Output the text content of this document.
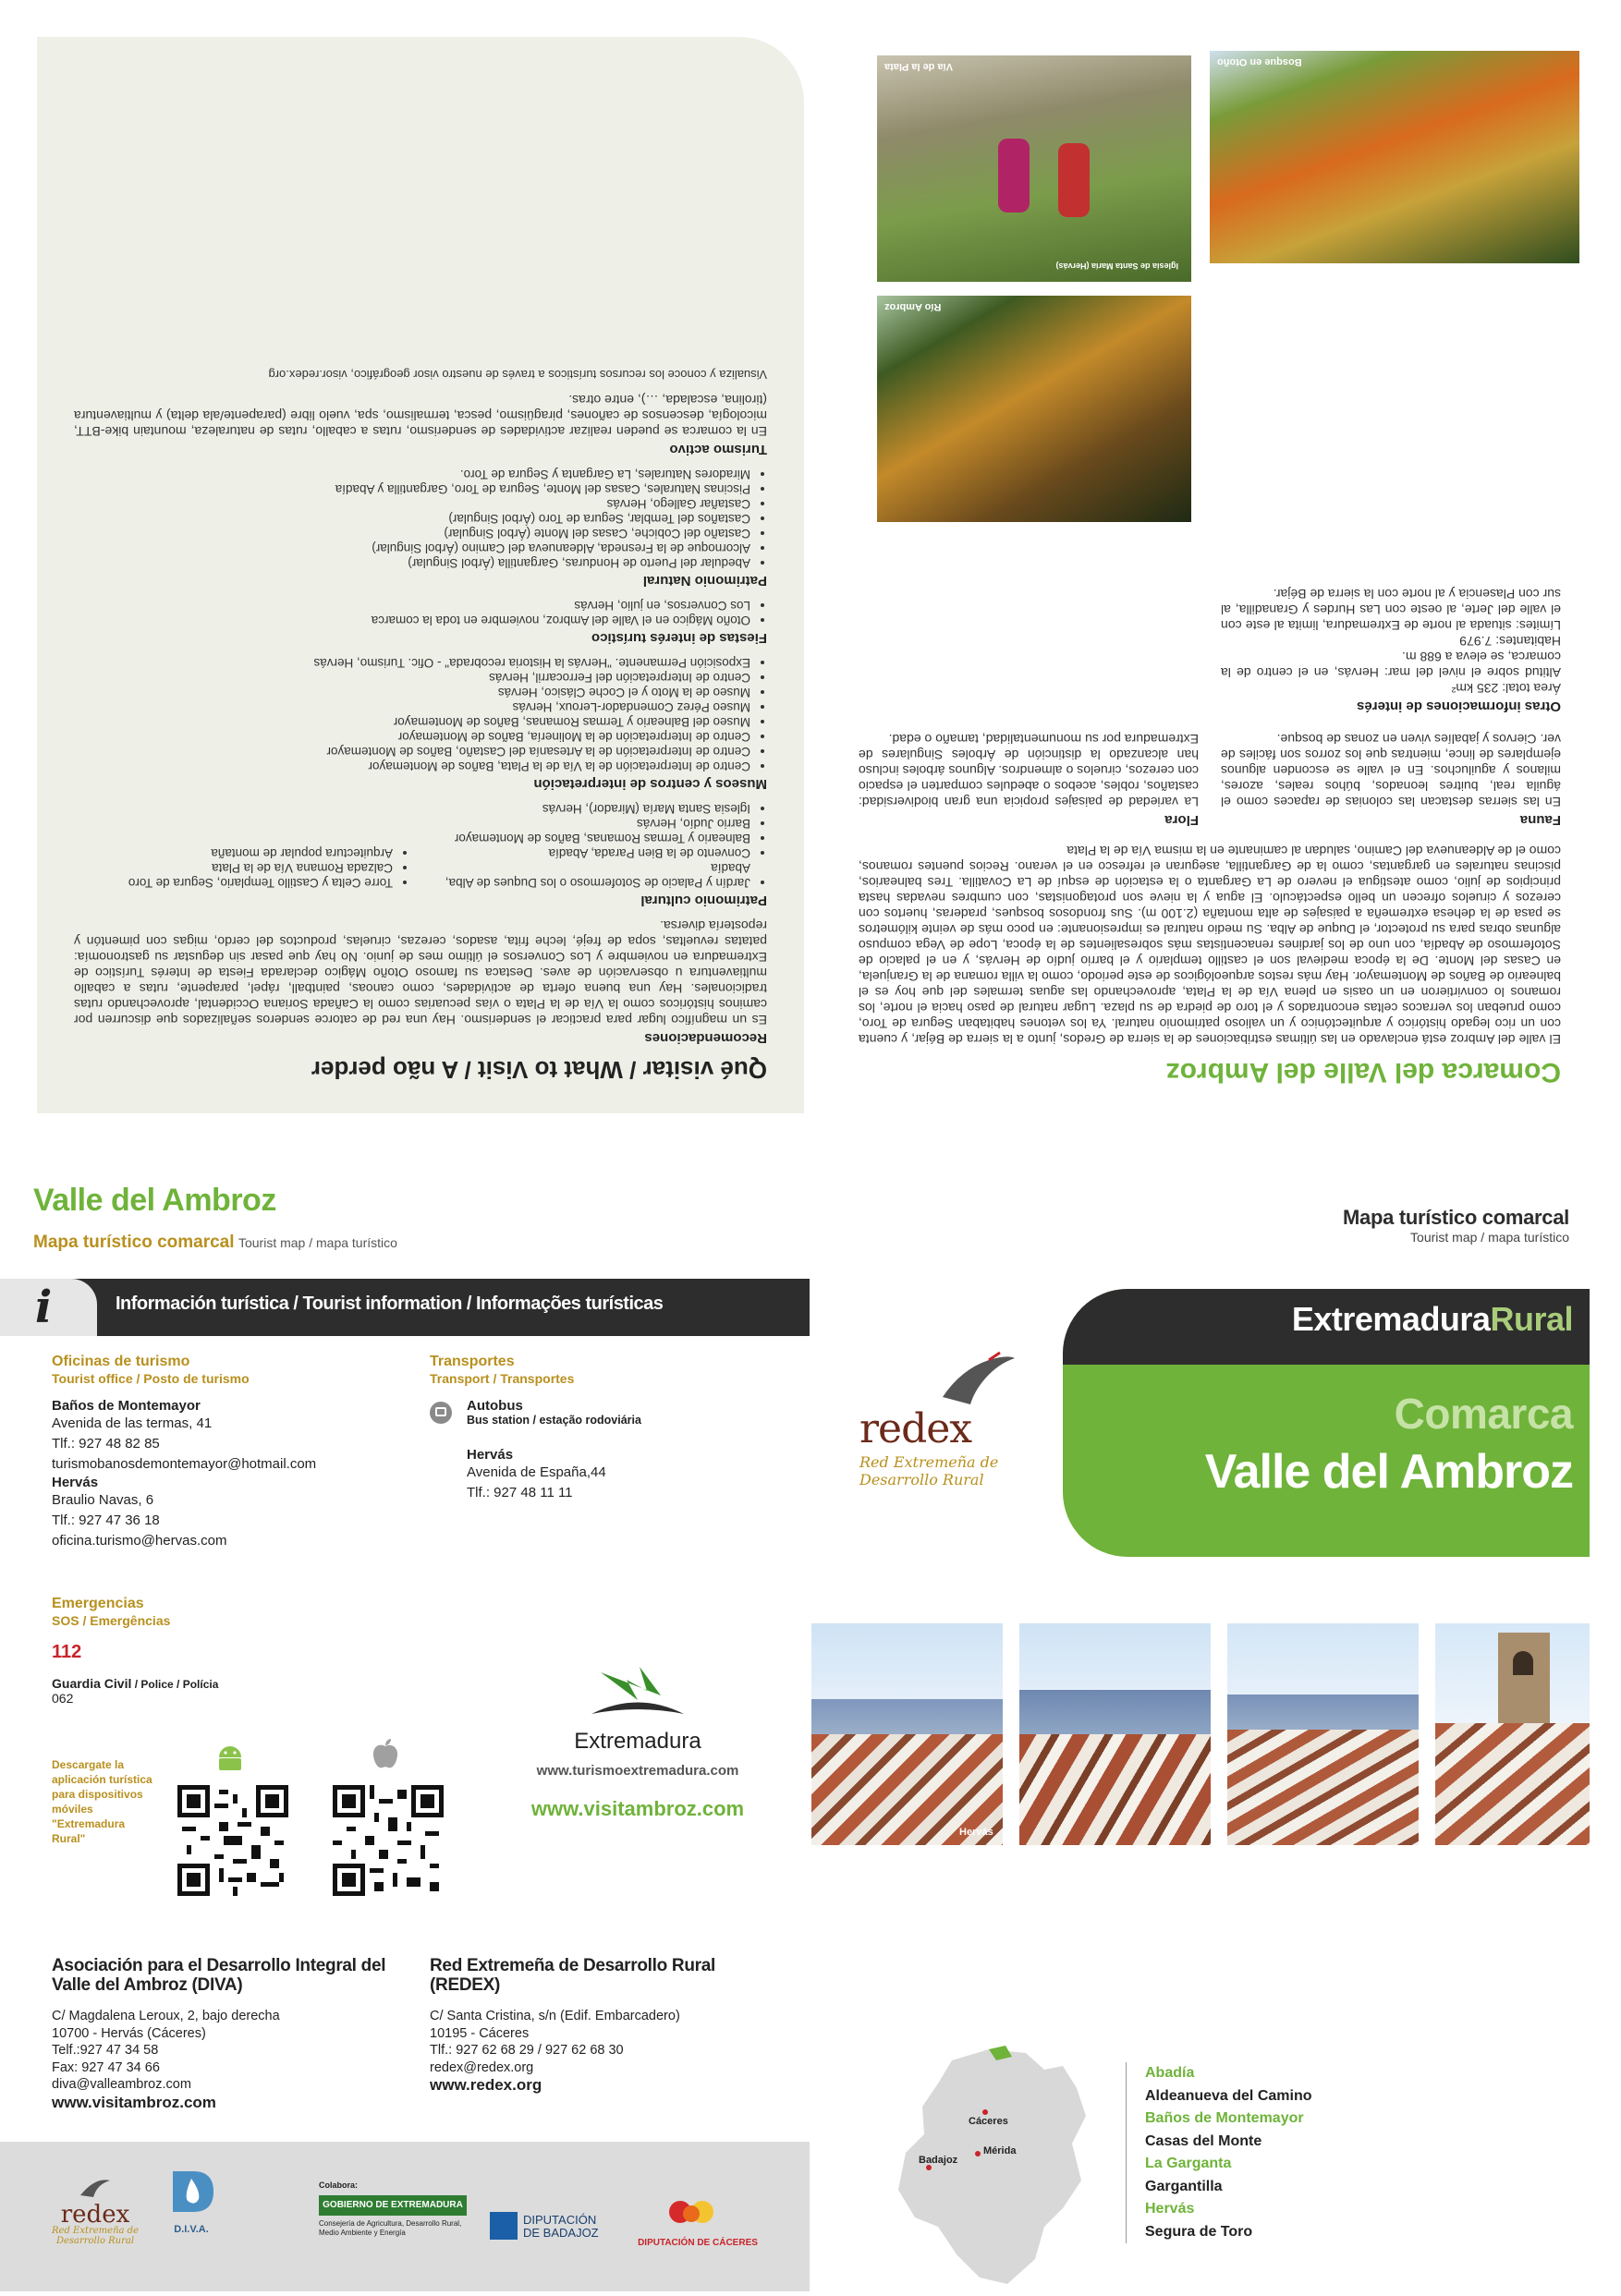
Qué visitar / What to Visit / A não perder
Recomendaciones

Es un magnífico lugar para practicar el senderismo. Hay una red de catorce senderos señalizados que discurren por caminos históricos como la Vía de la Plata o vías pecuarias como la Cañada Soriana Occidental, aprovechando rutas tradicionales. Hay una buena oferta de actividades, como canoas, paintball, rápel, parapente, rutas a caballo multiaventura u observación de aves. Destaca su famoso Otoño Mágico declarada Fiesta de Interés Turístico de Extremadura en noviembre y Los Conversos el último mes de junio. No hay que pasar sin degustar su gastronomía: patatas revueltas, sopa de frejé, leche frita, asados, cerezas, ciruelas, productos del cerdo, migas con pimentón y repostería diversa.

Patrimonio cultural
• Jardín y Palacio de Sotofermoso o los Duques de Alba, Abadía
• Convento de la Bien Parada, Abadía
• Balneario y Termas Romanas, Baños de Montemayor
• Barrio Judío, Hervás
• Iglesia Santa María (Mirador), Hervás
• Torre Celta y Castillo Templario, Segura de Toro
• Calzada Romana Vía de la Plata
• Arquitectura popular de montaña
Museos y centros de interpretación
• Centro de Interpretación de la Vía de la Plata, Baños de Montemayor
• Centro de Interpretación de la Artesanía del Castaño, Baños de Montemayor
• Centro de Interpretación de la Molinería, Baños de Montemayor
• Museo del Balneario y Termas Romanas, Baños de Montemayor
• Museo Pérez Comendador-Leroux, Hervás
• Museo de la Moto y el Coche Clásico, Hervás
• Centro de Interpretación del Ferrocarril, Hervás
• Exposición Permanente. "Hervás la Historia recobrada" - Ofic. Turismo, Hervás
Fiestas de interés turístico
• Otoño Mágico en el Valle del Ambroz, noviembre en toda la comarca
• Los Conversos, en julio, Hervás
Patrimonio Natural
• Abedular del Puerto de Honduras, Gargantilla (Árbol Singular)
• Alcornoque de la Fresneda, Aldeanueva del Camino (Árbol Singular)
• Castaño del Cobiche, Casas del Monte (Árbol Singular)
• Castaños del Temblar, Segura de Toro (Árbol Singular)
• Castañar Gallego, Hervás
• Piscinas Naturales, Casas del Monte, Segura de Toro, Gargantilla y Abadía
• Miradores Naturales, La Garganta y Segura de Toro.
Turismo activo

En la comarca se pueden realizar actividades de senderismo, rutas a caballo, rutas de naturaleza, mountain bike-BTT, micología, descensos de cañones, piragüismo, pesca, termalismo, spa, vuelo libre (parapente/ala delta) y multiaventura (tirolina, escalada, …), entre otras.

Visualiza y conoce los recursos turísticos a través de nuestro visor geográfico, visor.redex.org

Comarca del Valle del Ambroz

El valle del Ambroz está enclavado en las últimas estribaciones de la sierra de Gredos, junto a la sierra de Béjar, y cuenta con un rico legado histórico y arquitectónico y un valioso patrimonio natural. Ya los vetones habitaban Segura de Toro, como prueban los verracos celtas encontrados y el toro de piedra de su plaza. Lugar natural de paso hacia el norte, los romanos lo convirtieron en un oasis en plena Vía de la Plata, aprovechando las aguas termales del que hoy es el balneario de Baños de Montemayor. Hay más restos arqueológicos de este periodo, como la villa romana de la Granjuela, en Casas del Monte. De la época medieval son el castillo templario y el barrio judío de Hervás, y en el palacio de Sotofermoso de Abadía, con uno de los jardines renacentistas más sobresalientes de la época, Lope de Vega compuso algunas obras para su protector, el Duque de Alba. Su medio natural es impresionante: en poco más de veinte kilómetros se pasa de la dehesa extremeña a paisajes de alta montaña (2.100 m). Sus frondosos bosques, praderas, huertos con cerezos y ciruelos ofrecen un bello espectáculo. El agua y la nieve son protagonistas, con cumbres nevadas hasta principios de julio, como atestigua el nevero de La Garganta o la estación de esquí de La Covatilla. Tres balnearios, piscinas naturales en gargantas, como la de Gargantilla, aseguran el refresco en el verano. Recios puentes romanos, como el de Aldeanueva del Camino, saludan al caminante en la misma Vía de la Plata

Fauna

En las sierras destacan las colonias de rapaces como el águila real, buitres leonados, búhos reales, azores, milanos y aguiluchos. En el valle se esconden algunos ejemplares de lince, mientras que los zorros son fáciles de ver. Ciervos y jabalíes viven en zonas de bosque.

Otras informaciones de interés

Área total: 235 km²

Altitud sobre el nivel del mar: Hervás, en el centro de la comarca, se eleva a 688 m.

Habitantes: 7.979

Límites: situada al norte de Extremadura, limita al este con el valle del Jerte, al oeste con Las Hurdes y Granadilla, al sur con Plasencia y al norte con la sierra de Béjar.

Flora

La variedad de paisajes propicia una gran biodiversidad: castaños, robles, acebos o abedules comparten el espacio con cerezos, ciruelos o almendros. Algunos árboles incluso han alcanzado la distinción de Árboles Singulares de Extremadura por su monumentalidad, tamaño o edad.

Bosque en Otoño
Río Ambroz
Vía de la Plata
Iglesia de Santa María (Hervás)
Valle del Ambroz
Mapa turístico comarcal Tourist map / mapa turístico
Mapa turístico comarcal
Tourist map / mapa turístico
i	Información turística / Tourist information / Informações turísticas
Oficinas de turismo
Tourist office / Posto de turismo
Baños de Montemayor
Avenida de las termas, 41
Tlf.: 927 48 82 85
turismobanosdemontemayor@hotmail.com
Hervás
Braulio Navas, 6
Tlf.: 927 47 36 18
oficina.turismo@hervas.com
Transportes
Transport / Transportes
Autobus
Bus station / estação rodoviária
Hervás
Avenida de España,44
Tlf.: 927 48 11 11
Emergencias
SOS / Emergências
112
Guardia Civil / Police / Polícia
062
Descargate la
aplicación turística
para dispositivos
móviles
"Extremadura
Rural"
Extremadura
www.turismoextremadura.com
www.visitambroz.com
Asociación para el Desarrollo Integral del Valle del Ambroz (DIVA)
C/ Magdalena Leroux, 2, bajo derecha
10700 - Hervás (Cáceres)
Telf.:927 47 34 58
Fax: 927 47 34 66
diva@valleambroz.com
www.visitambroz.com
Red Extremeña de Desarrollo Rural (REDEX)
C/ Santa Cristina, s/n (Edif. Embarcadero)
10195 - Cáceres
Tlf.: 927 62 68 29 / 927 62 68 30
redex@redex.org
www.redex.org
redex
Red Extremeña de
Desarrollo Rural
D.I.V.A.
Colabora:
GOBIERNO DE EXTREMADURA
Consejería de Agricultura, Desarrollo Rural, Medio Ambiente y Energía
DIPUTACIÓN DE BADAJOZ
DIPUTACIÓN DE CÁCERES
redex
Red Extremeña de
Desarrollo Rural
ExtremaduraRural
Comarca
Valle del Ambroz
Hervás
Cáceres
Mérida
Badajoz
Abadía
Aldeanueva del Camino
Baños de Montemayor
Casas del Monte
La Garganta
Gargantilla
Hervás
Segura de Toro
